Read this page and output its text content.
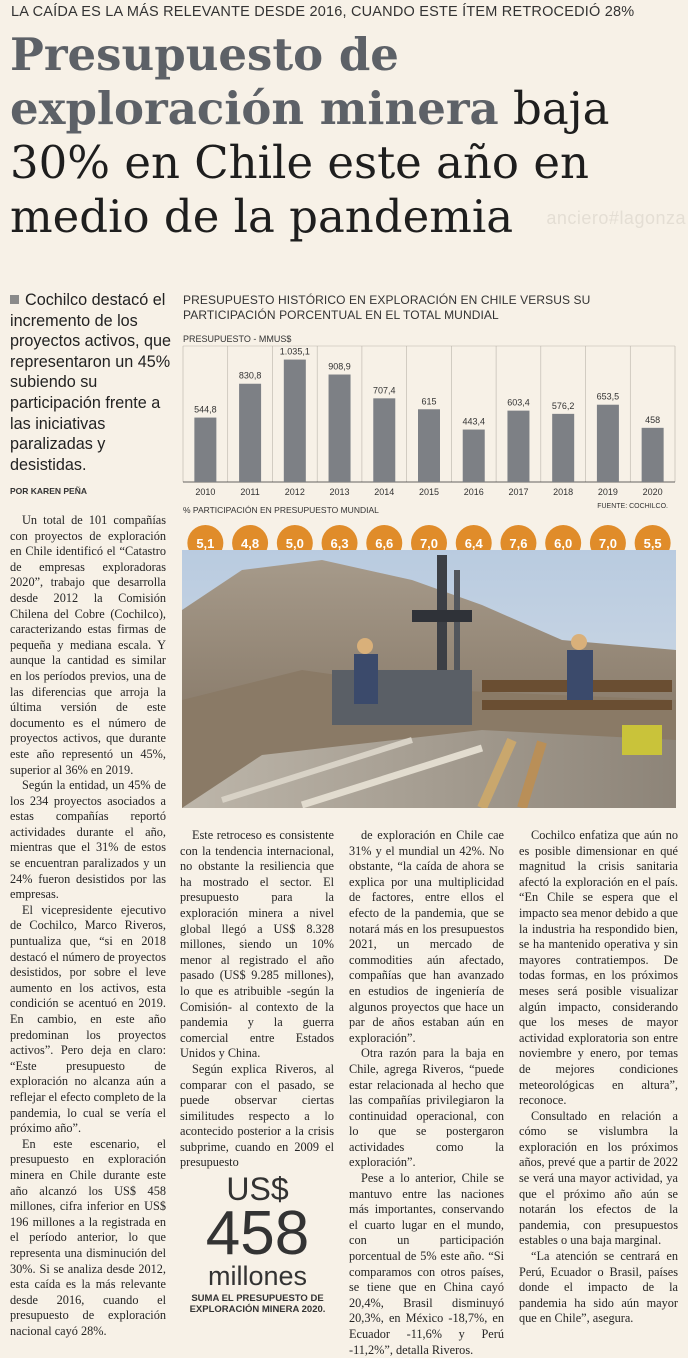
LA CAÍDA ES LA MÁS RELEVANTE DESDE 2016, CUANDO ESTE ÍTEM RETROCEDIÓ 28%
Presupuesto de exploración minera baja 30% en Chile este año en medio de la pandemia	anciero#lagonza
Cochilco destacó el incremento de los proyectos activos, que representaron un 45% subiendo su participación frente a las iniciativas paralizadas y desistidas.
POR KAREN PEÑA

Un total de 101 compañías con proyectos de exploración en Chile identificó el “Catastro de empresas exploradoras 2020”, trabajo que desarrolla desde 2012 la Comisión Chilena del Cobre (Cochilco), caracterizando estas firmas de pequeña y mediana escala. Y aunque la cantidad es similar en los períodos previos, una de las diferencias que arroja la última versión de este documento es el número de proyectos activos, que durante este año representó un 45%, superior al 36% en 2019.

Según la entidad, un 45% de los 234 proyectos asociados a estas compañías reportó actividades durante el año, mientras que el 31% de estos se encuentran paralizados y un 24% fueron desistidos por las empresas.

El vicepresidente ejecutivo de Cochilco, Marco Riveros, puntualiza que, “si en 2018 destacó el número de proyectos desistidos, por sobre el leve aumento en los activos, esta condición se acentuó en 2019. En cambio, en este año predominan los proyectos activos”. Pero deja en claro: “Este presupuesto de exploración no alcanza aún a reflejar el efecto completo de la pandemia, lo cual se vería el próximo año”.

En este escenario, el presupuesto en exploración minera en Chile durante este año alcanzó los US$ 458 millones, cifra inferior en US$ 196 millones a la registrada en el período anterior, lo que representa una disminución del 30%. Si se analiza desde 2012, esta caída es la más relevante desde 2016, cuando el presupuesto de exploración nacional cayó 28%.

PRESUPUESTO HISTÓRICO EN EXPLORACIÓN EN CHILE VERSUS SU PARTICIPACIÓN PORCENTUAL EN EL TOTAL MUNDIAL
PRESUPUESTO - MMUS$
544,8
830,8
1.035,1
908,9
707,4
615
443,4
603,4 576,2
653,5
458
2010	2011	2012	2013	2014	2015	2016	2017	2018	2019	2020
FUENTE: COCHILCO.
% PARTICIPACIÓN EN PRESUPUESTO MUNDIAL
5,1 4,8 5,0 6,3 6,6 7,0 6,4 7,6 6,0 7,0 5,5

Este retroceso es consistente con la tendencia internacional, no obstante la resiliencia que ha mostrado el sector. El presupuesto para la exploración minera a nivel global llegó a US$ 8.328 millones, siendo un 10% menor al registrado el año pasado (US$ 9.285 millones), lo que es atribuible -según la Comisión- al contexto de la pandemia y la guerra comercial entre Estados Unidos y China.

Según explica Riveros, al comparar con el pasado, se puede observar ciertas similitudes respecto a lo acontecido posterior a la crisis subprime, cuando en 2009 el presupuesto

de exploración en Chile cae 31% y el mundial un 42%. No obstante, “la caída de ahora se explica por una multiplicidad de factores, entre ellos el efecto de la pandemia, que se notará más en los presupuestos 2021, un mercado de commodities aún afectado, compañías que han avanzado en estudios de ingeniería de algunos proyectos que hace un par de años estaban aún en exploración”.

Otra razón para la baja en Chile, agrega Riveros, “puede estar relacionada al hecho que las compañías privilegiaron la continuidad operacional, con lo que se postergaron actividades como la exploración”.

Pese a lo anterior, Chile se mantuvo entre las naciones más importantes, conservando el cuarto lugar en el mundo, con un participación porcentual de 5% este año. “Si comparamos con otros países, se tiene que en China cayó 20,4%, Brasil disminuyó 20,3%, en México -18,7%, en Ecuador -11,6% y Perú -11,2%”, detalla Riveros.

Cochilco enfatiza que aún no es posible dimensionar en qué magnitud la crisis sanitaria afectó la exploración en el país. “En Chile se espera que el impacto sea menor debido a que la industria ha respondido bien, se ha mantenido operativa y sin mayores contratiempos. De todas formas, en los próximos meses será posible visualizar algún impacto, considerando que los meses de mayor actividad exploratoria son entre noviembre y enero, por temas de mejores condiciones meteorológicas en altura”, reconoce.

Consultado en relación a cómo se vislumbra la exploración en los próximos años, prevé que a partir de 2022 se verá una mayor actividad, ya que el próximo año aún se notarán los efectos de la pandemia, con presupuestos estables o una baja marginal.

“La atención se centrará en Perú, Ecuador o Brasil, países donde el impacto de la pandemia ha sido aún mayor que en Chile”, asegura.

US$
458
millones
SUMA EL PRESUPUESTO DE EXPLORACIÓN MINERA 2020.
